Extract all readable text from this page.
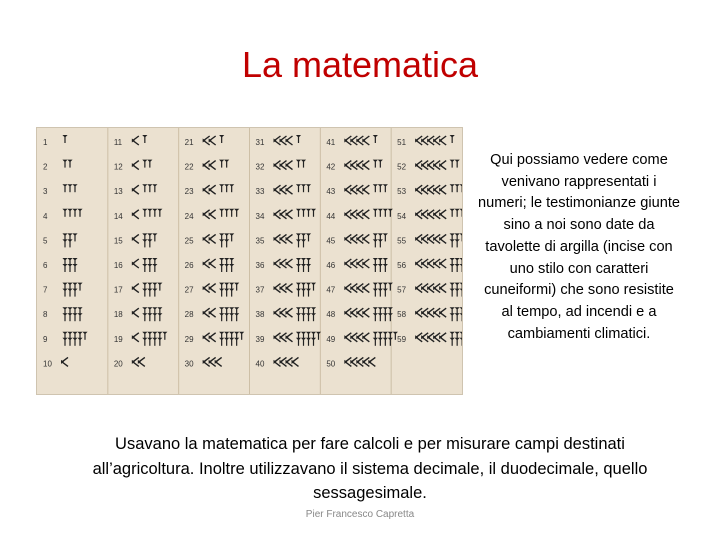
La matematica
1
2
3
4
5
6
7
8
9
10
11
12
13
14
15
16
17
18
19
20
21
22
23
24
25
26
27
28
29
30
31
32
33
34
35
36
37
38
39
40
41
42
43
44
45
46
47
48
49
50
51
52
53
54
55
56
57
58
59
Qui possiamo vedere come venivano rappresentati i numeri; le testimonianze giunte sino a noi sono date da tavolette di argilla (incise con uno stilo con caratteri cuneiformi) che sono resistite al tempo, ad incendi e a cambiamenti climatici.
Usavano la matematica per fare calcoli e per misurare campi destinati all’agricoltura. Inoltre utilizzavano il sistema decimale, il duodecimale, quello sessagesimale.
Pier Francesco Capretta
